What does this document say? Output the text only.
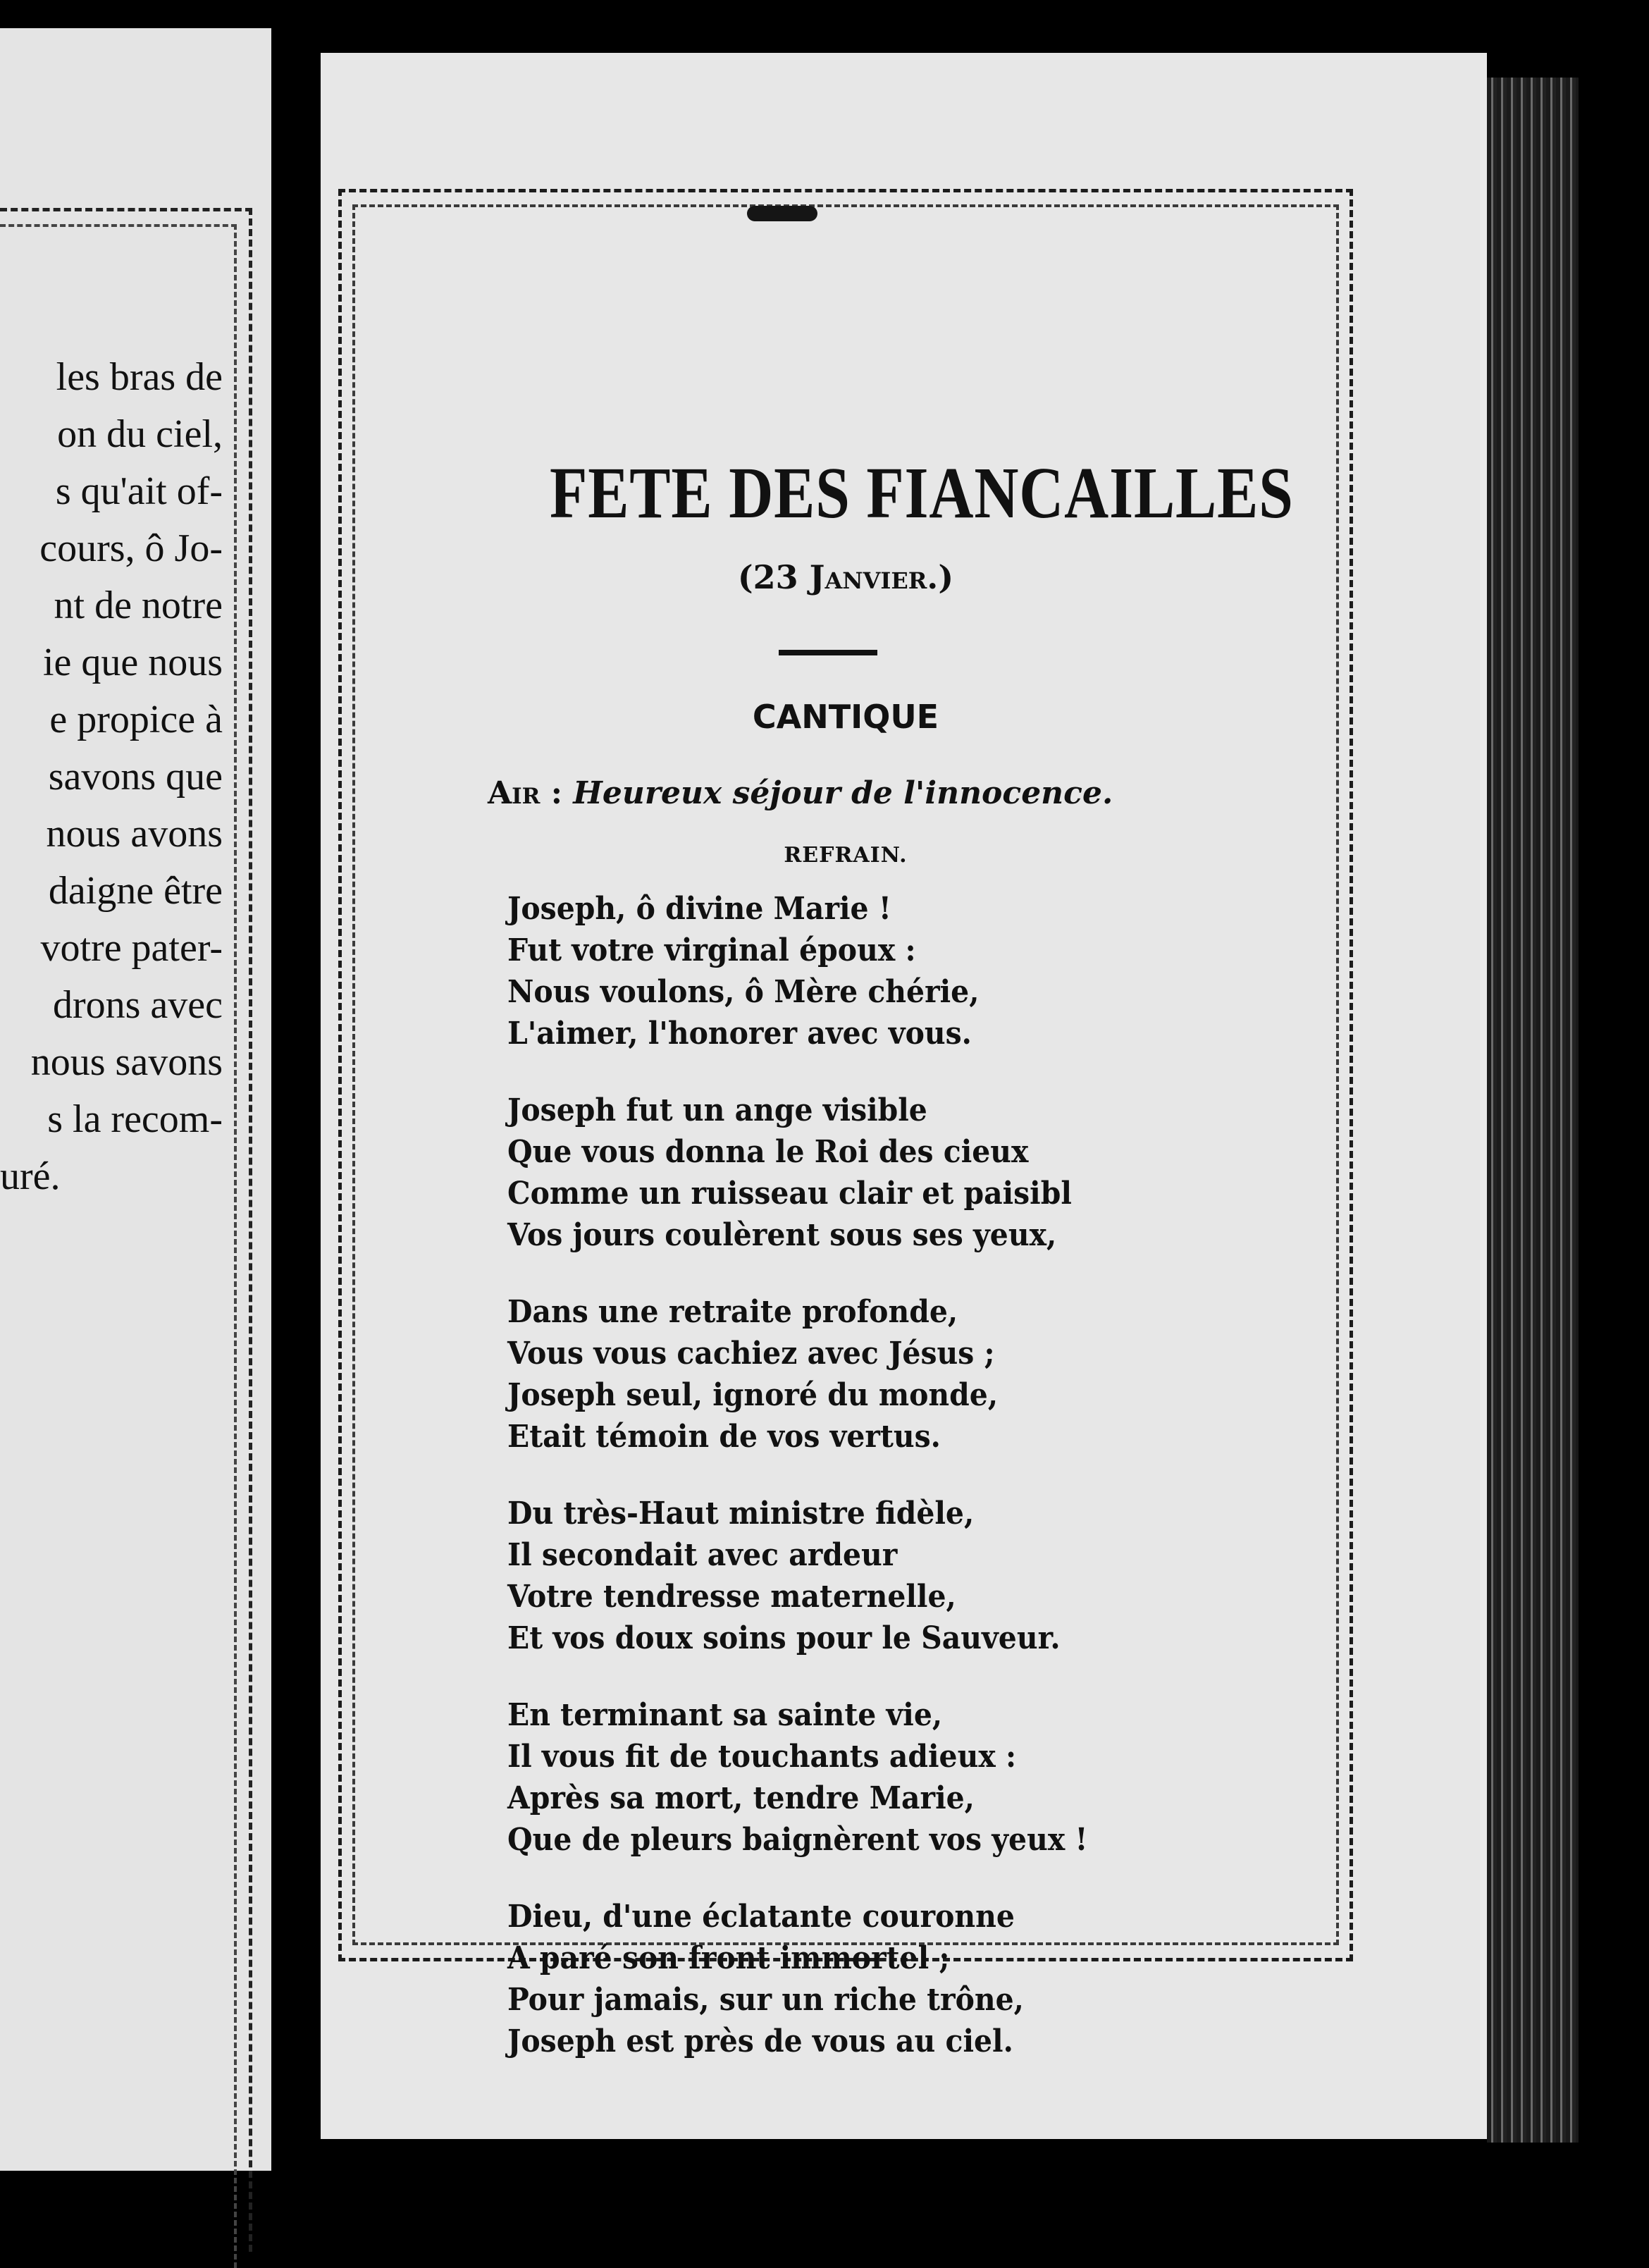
les bras de
on du ciel,
s qu'ait of-
cours, ô Jo-
nt de notre
ie que nous
e propice à
savons que
nous avons
daigne être
votre pater-
drons avec
nous savons
s la recom-
uré.
FETE DES FIANCAILLES
(23 Janvier.)
CANTIQUE
Air : Heureux séjour de l'innocence.
REFRAIN.
Joseph, ô divine Marie !
Fut votre virginal époux :
Nous voulons, ô Mère chérie,
L'aimer, l'honorer avec vous.
Joseph fut un ange visible
Que vous donna le Roi des cieux
Comme un ruisseau clair et paisibl
Vos jours coulèrent sous ses yeux,
Dans une retraite profonde,
Vous vous cachiez avec Jésus ;
Joseph seul, ignoré du monde,
Etait témoin de vos vertus.
Du très-Haut ministre fidèle,
Il secondait avec ardeur
Votre tendresse maternelle,
Et vos doux soins pour le Sauveur.
En terminant sa sainte vie,
Il vous fit de touchants adieux :
Après sa mort, tendre Marie,
Que de pleurs baignèrent vos yeux !
Dieu, d'une éclatante couronne
A paré son front immortel ;
Pour jamais, sur un riche trône,
Joseph est près de vous au ciel.
